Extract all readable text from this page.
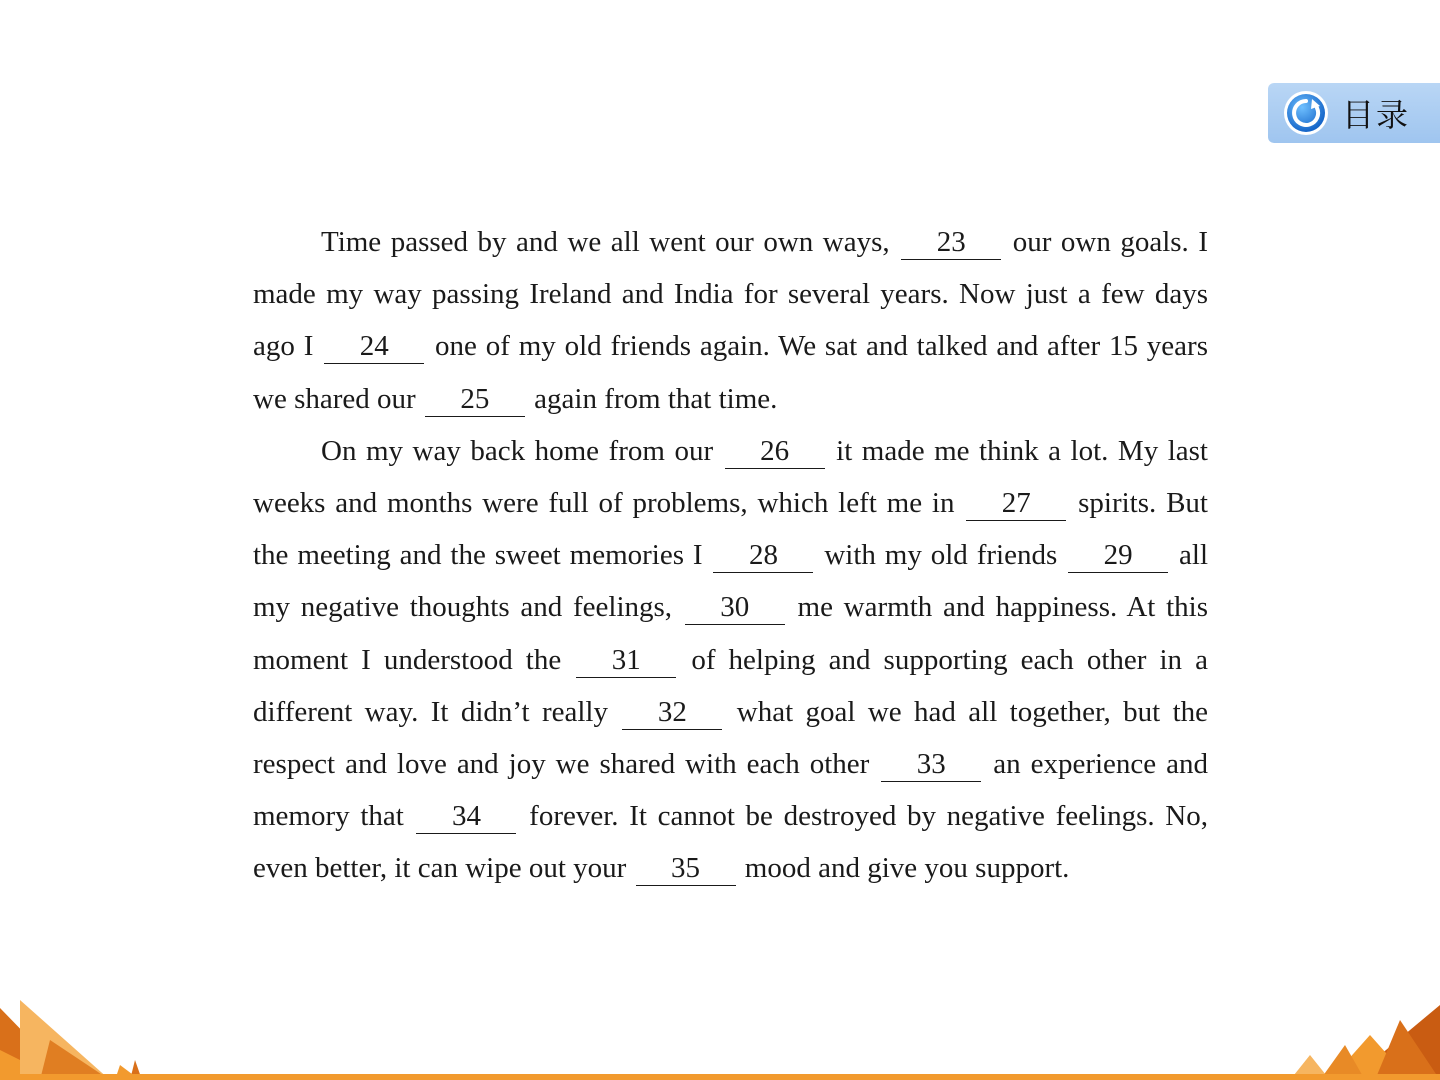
目录

Time passed by and we all went our own ways, 23 our own goals. I made my way passing Ireland and India for several years. Now just a few days ago I 24 one of my old friends again. We sat and talked and after 15 years we shared our 25 again from that time.

On my way back home from our 26 it made me think a lot. My last weeks and months were full of problems, which left me in 27 spirits. But the meeting and the sweet memories I 28 with my old friends 29 all my negative thoughts and feelings, 30 me warmth and happiness. At this moment I understood the 31 of helping and supporting each other in a different way. It didn’t really 32 what goal we had all together, but the respect and love and joy we shared with each other 33 an experience and memory that 34 forever. It cannot be destroyed by negative feelings. No, even better, it can wipe out your 35 mood and give you support.
